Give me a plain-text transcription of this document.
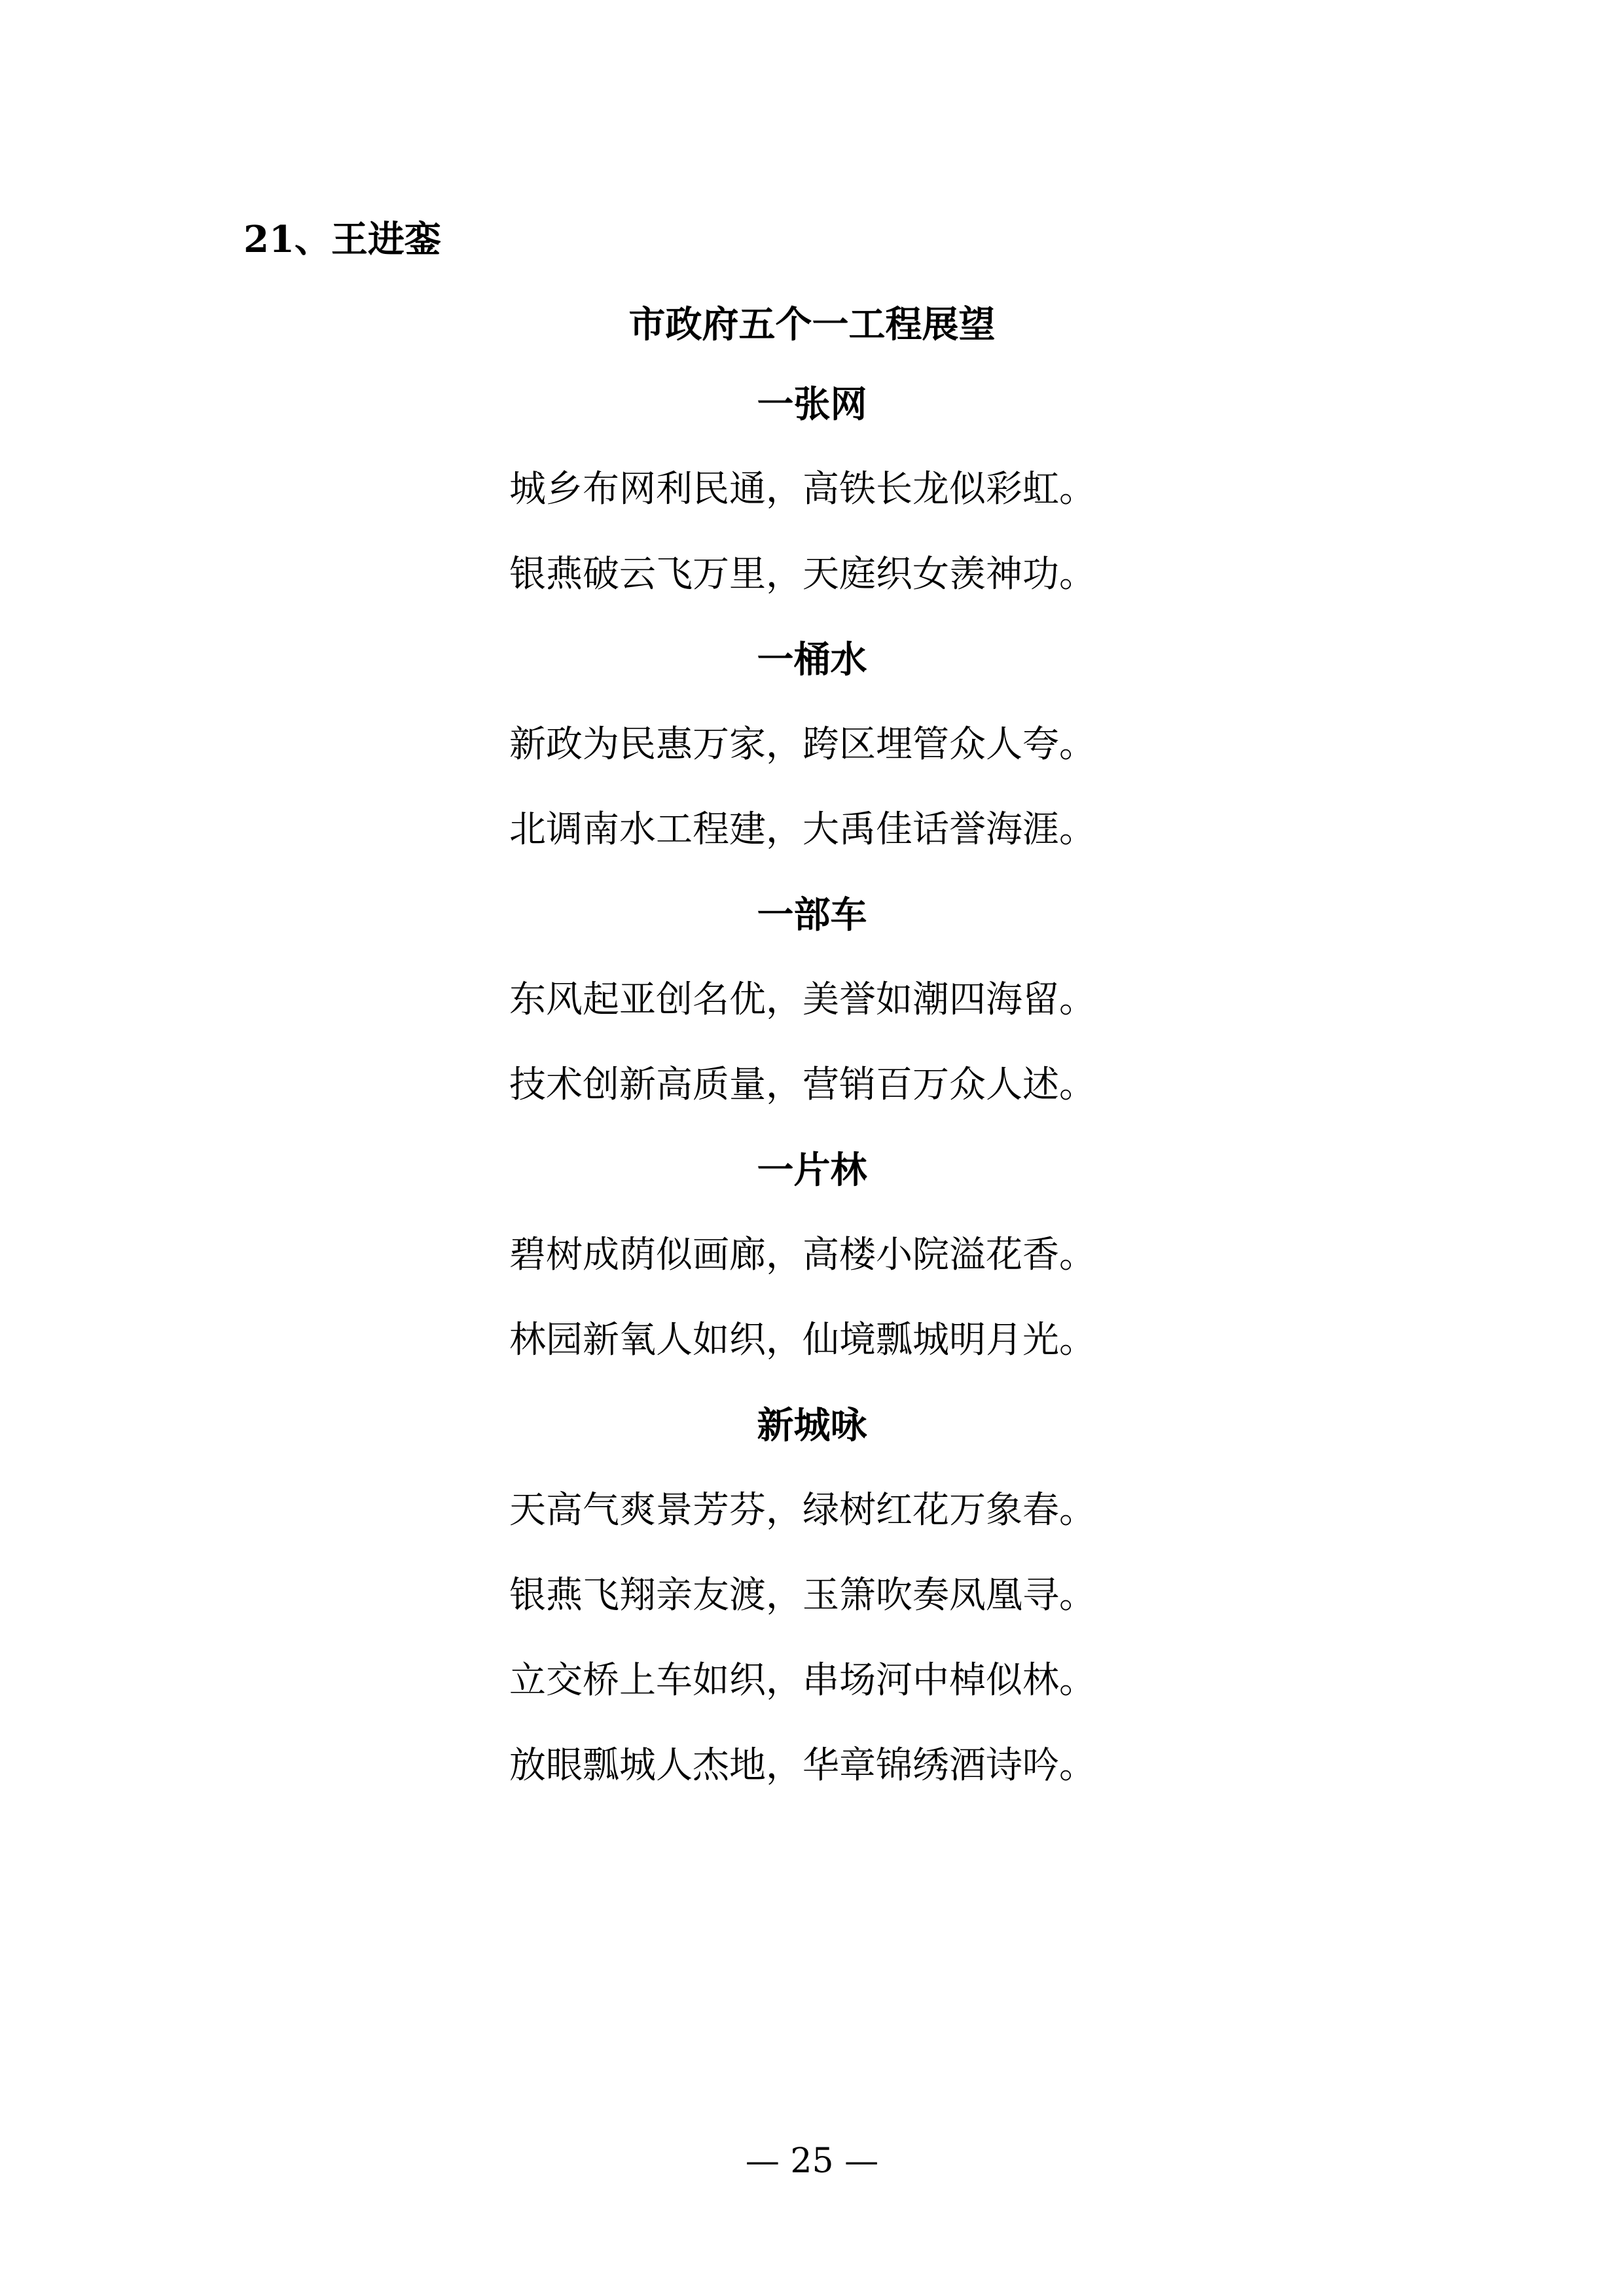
21、王进銮
市政府五个一工程展望
一张网
城乡布网利民通，高铁长龙似彩虹。
银燕破云飞万里，天庭织女羡神功。
一桶水
新政为民惠万家，跨区埋管众人夸。
北调南水工程建，大禹佳话誉海涯。
一部车
东风起亚创名优，美誉如潮四海留。
技术创新高质量，营销百万众人述。
一片林
碧树成荫似画廊，高楼小院溢花香。
林园新氧人如织，仙境瓢城明月光。
新城咏
天高气爽景芳芬，绿树红花万象春。
银燕飞翔亲友渡，玉箫吹奏凤凰寻。
立交桥上车如织，串场河中棹似林。
放眼瓢城人杰地，华章锦绣酒诗吟。
— 25 —
